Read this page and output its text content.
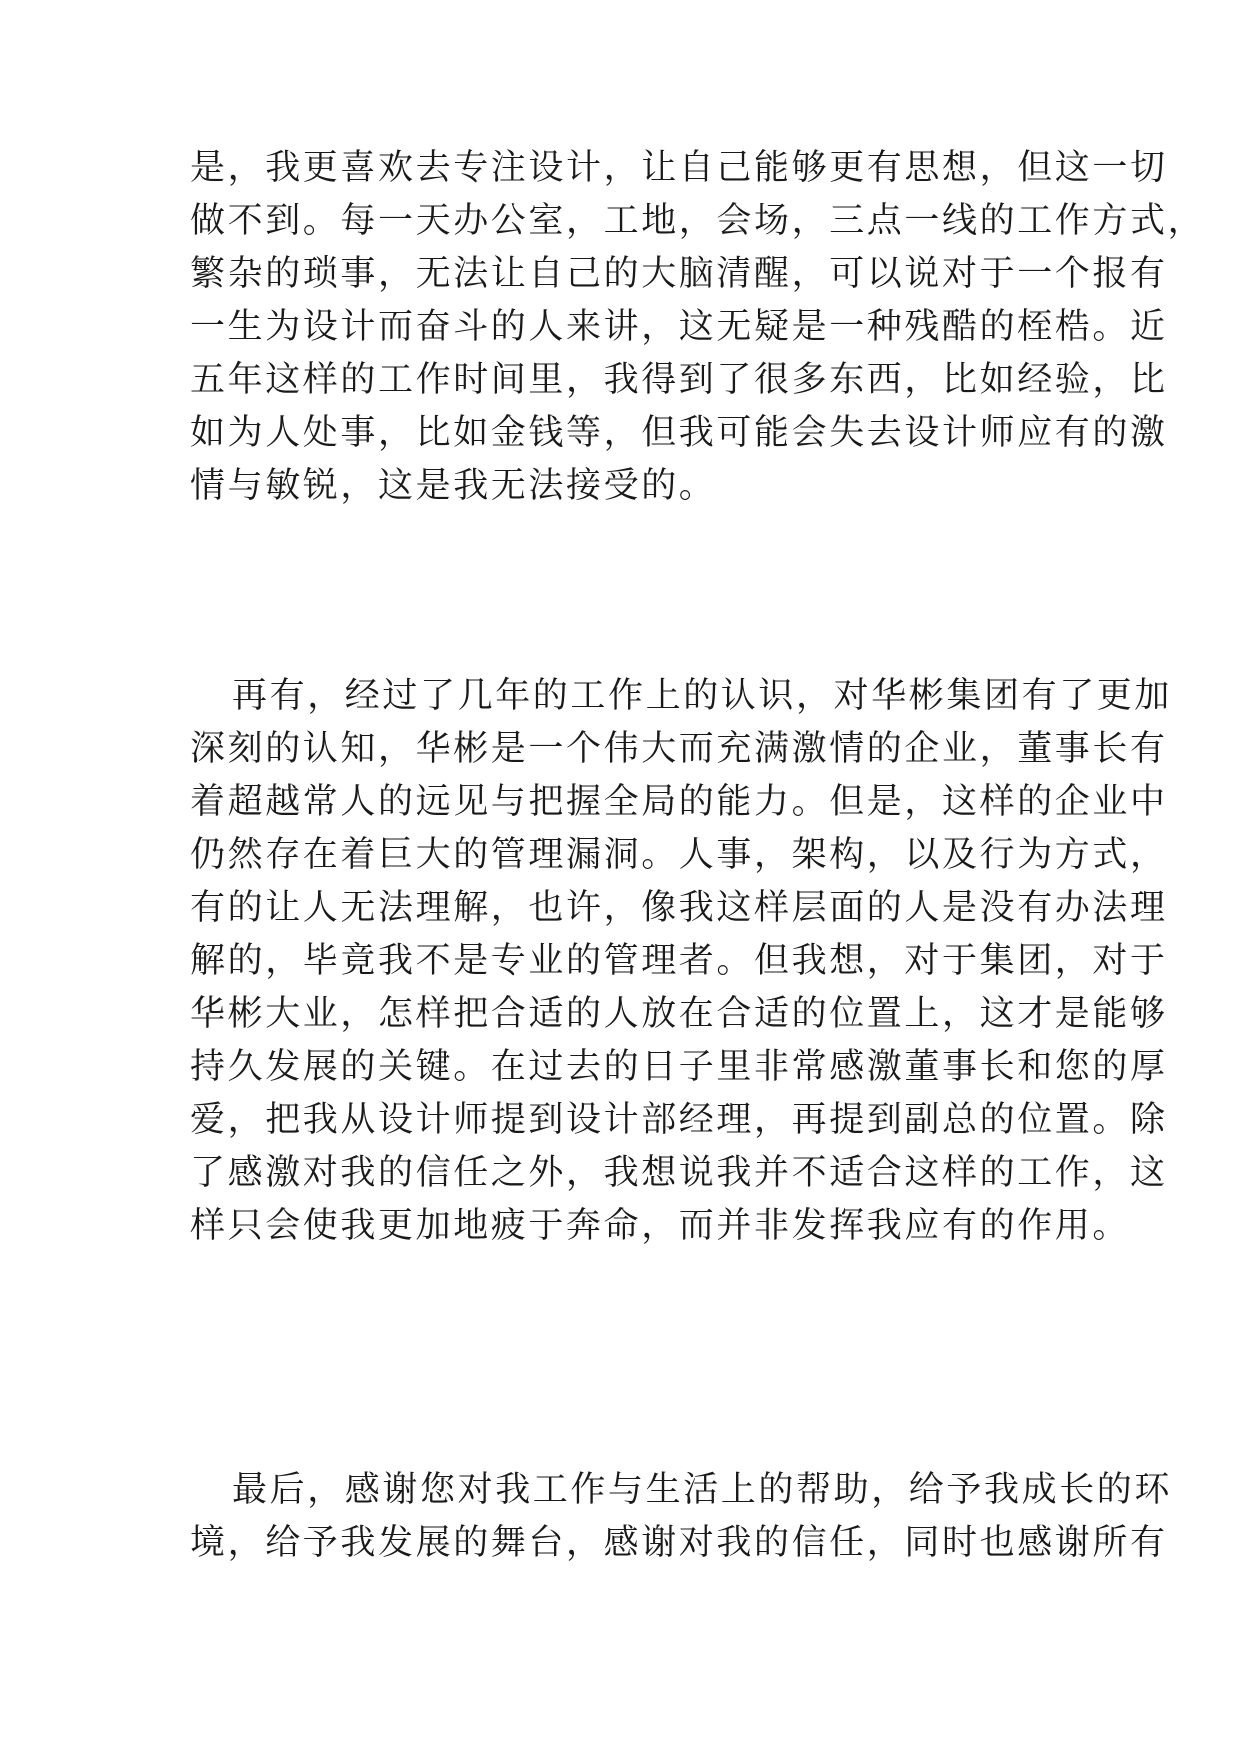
是，我更喜欢去专注设计，让自己能够更有思想，但这一切
做不到。每一天办公室，工地，会场，三点一线的工作方式，
繁杂的琐事，无法让自己的大脑清醒，可以说对于一个报有
一生为设计而奋斗的人来讲，这无疑是一种残酷的桎梏。近
五年这样的工作时间里，我得到了很多东西，比如经验，比
如为人处事，比如金钱等，但我可能会失去设计师应有的激
情与敏锐，这是我无法接受的。
再有，经过了几年的工作上的认识，对华彬集团有了更加
深刻的认知，华彬是一个伟大而充满激情的企业，董事长有
着超越常人的远见与把握全局的能力。但是，这样的企业中
仍然存在着巨大的管理漏洞。人事，架构，以及行为方式，
有的让人无法理解，也许，像我这样层面的人是没有办法理
解的，毕竟我不是专业的管理者。但我想，对于集团，对于
华彬大业，怎样把合适的人放在合适的位置上，这才是能够
持久发展的关键。在过去的日子里非常感激董事长和您的厚
爱，把我从设计师提到设计部经理，再提到副总的位置。除
了感激对我的信任之外，我想说我并不适合这样的工作，这
样只会使我更加地疲于奔命，而并非发挥我应有的作用。
最后，感谢您对我工作与生活上的帮助，给予我成长的环
境，给予我发展的舞台，感谢对我的信任，同时也感谢所有
